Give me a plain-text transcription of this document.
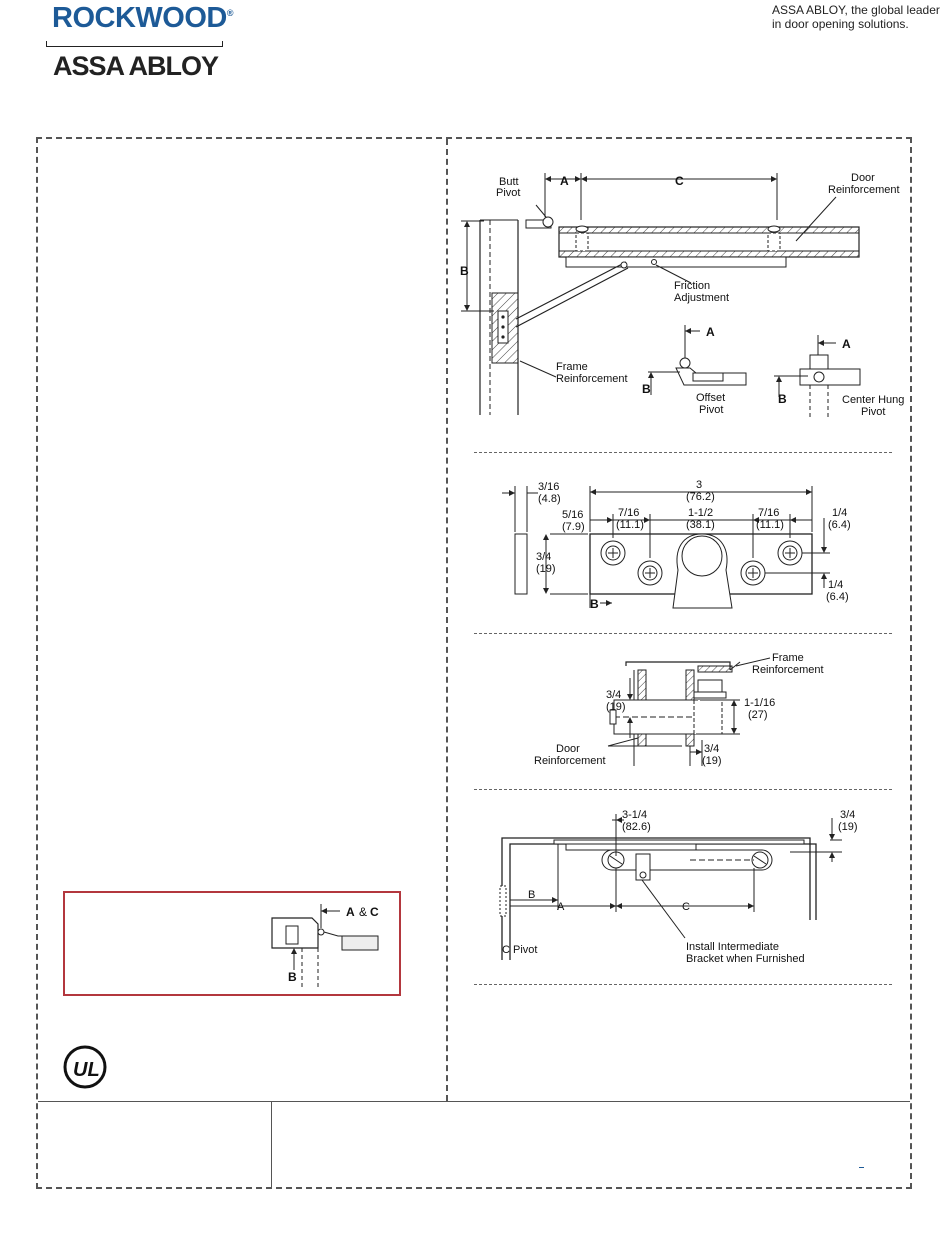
ROCKWOOD®
ASSA ABLOY
ASSA ABLOY, the global leader
in door opening solutions.
Butt
Pivot
A	C
B
Door
Reinforcement
Friction
Adjustment
Frame
Reinforcement
A
B
Offset
Pivot
A
B	Center Hung
Pivot
3/16
(4.8)
3
(76.2)
5/16
(7.9)
7/16
(11.1)
1-1/2
(38.1)
7/16
(11.1)
1/4
(6.4)
3/4
(19)
1/4
(6.4)
B
Frame
Reinforcement
3/4
(19)	1-1/16
(27)
Door
Reinforcement
3/4
(19)
3-1/4
(82.6)
3/4
(19)
B
A	C
C Pivot	Install Intermediate
Bracket when Furnished
A & C
B
UL
